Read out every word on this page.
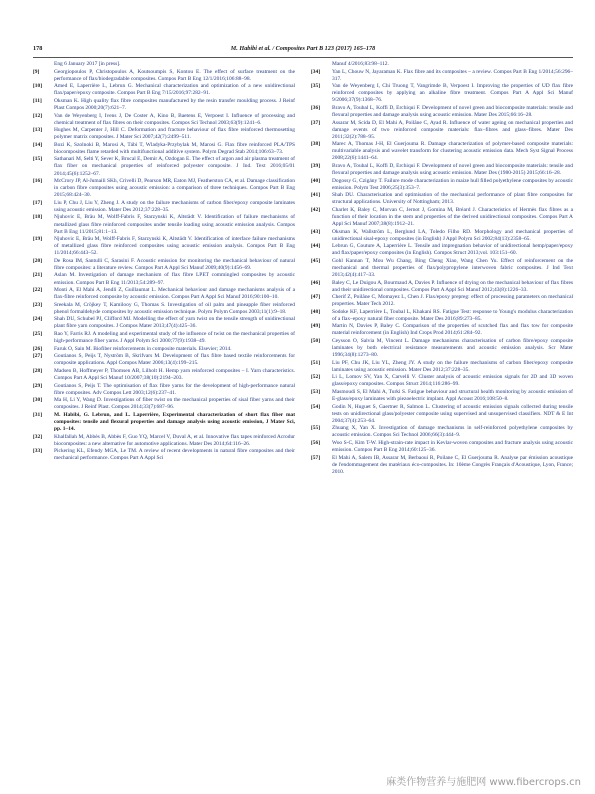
178	M. Habibi et al. / Composites Part B 123 (2017) 165–178
Eng 6 January 2017 [in press].
[9]	Georgiopoulos P, Christopoulos A, Koutsoumpis S, Kontou E. The effect of surface treatment on the performance of flax/biodegradable composites. Compos Part B Eng 12/1/2016;106:88–98.
[10]	Amed E, Laperrière L, Lebrun G. Mechanical characterization and optimization of a new unidirectional flax/paper/epoxy composite. Compos Part B Eng 7/15/2016;97:282–91.
[11]	Oksman K. High quality flax fibre composites manufactured by the resin transfer moulding process. J Reinf Plast Compos 2000;20(7):621–7.
[12]	Van de Weyenberg I, Ivens J, De Coster A, Kino B, Baetens E, Verpoest I. Influence of processing and chemical treatment of flax fibres on their composites. Compos Sci Technol 2003;63(9):1241–6.
[13]	Hughes M, Carpenter J, Hill C. Deformation and fracture behaviour of flax fibre reinforced thermosetting polymer matrix composites. J Mater Sci 2007;42(7):2499–511.
[14]	Bozi K, Szolnoki B, Marosi A, Tábi T, Wladyka-Przybylak M, Marosi G. Flax fibre reinforced PLA/TPS biocomposites flame retarded with multifunctional additive system. Polym Degrad Stab 2014;106:63–73.
[15]	Sathanari M, Selti Y, Sever K, Brucal E, Demir A, Ozdogan E. The effect of argon and air plasma treatment of flax fiber on mechanical properties of reinforced polyester composite. J Ind. Text 2016;05/01 2014;45(6):1252–67.
[16]	McCrory JP, Al-Jumaili SKh, Crivelli D, Pearson MR, Eaton MJ, Featherston CA, et al. Damage classification in carbon fibre composites using acoustic emission: a comparison of three techniques. Compos Part B Eng 2015;68:424–30.
[17]	Liu P, Chu J, Liu Y, Zheng J. A study on the failure mechanisms of carbon fiber/epoxy composite laminates using acoustic emission. Mater Des 2012;37:228–35.
[18]	Njuhovic E, Bräu M, Wolff-Fabris F, Starzynski K, Altstädt V. Identification of failure mechanisms of metallized glass fibre reinforced composites under tensile loading using acoustic emission analysis. Compos Part B Eng 11/2015;81:1–13.
[19]	Njuhovic E, Bräu M, Wolff-Fabris F, Starzynski K, Altstädt V. Identification of interface failure mechanisms of metallized glass fibre reinforced composites using acoustic emission analysis. Compos Part B Eng 11/2014;66:443–52.
[20]	De Rosa IM, Santulli C, Sarasini F. Acoustic emission for monitoring the mechanical behaviour of natural fibre composites: a literature review. Compos Part A Appl Sci Manuf 2009;40(9):1456–69.
[21]	Aslan M. Investigation of damage mechanism of flax fibre LPET commingled composites by acoustic emission. Compos Part B Eng 11/2013;54:289–97.
[22]	Monti A, El Mahi A, Jendli Z, Guillaumat L. Mechanical behaviour and damage mechanisms analysis of a flax-fibre reinforced composite by acoustic emission. Compos Part A Appl Sci Manuf 2016;90:100–10.
[23]	Sreekala M, Cröjkey T, Kamilooy G, Thomas S. Investigation of oil palm and pineapple fiber reinforced phenol formaldehyde composites by acoustic emission technique. Polym Polym Compos 2003;11(1):9–18.
[24]	Shah DU, Schubel PJ, Clifford MJ. Modelling the effect of yarn twist on the tensile strength of unidirectional plant fibre yarn composites. J Compos Mater 2013;47(4):425–36.
[25]	Rao Y, Farris RJ. A modeling and experimental study of the influence of twist on the mechanical properties of high-performance fiber yarns. J Appl Polym Sci 2000;77(9):1938–49.
[26]	Faruk O, Sain M. Biofiber reinforcements in composite materials. Elsevier; 2014.
[27]	Goutianos S, Peijs T, Nyström B, Skrifvars M. Development of flax fibre based textile reinforcements for composite applications. Appl Compos Mater 2006;13(4):199–215.
[28]	Madsen B, Hoffmeyer P, Thomsen AB, Lilholt H. Hemp yarn reinforced composites – I. Yarn characteristics. Compos Part A Appl Sci Manuf 10/2007;38(10):2194–203.
[29]	Goutianos S, Peijs T. The optimisation of flax fibre yarns for the development of high-performance natural fibre composites. Adv Compos Lett 2003;12(6):237–41.
[30]	Ma H, Li Y, Wang D. Investigations of fiber twist on the mechanical properties of sisal fiber yarns and their composites. J Reinf Plast. Compos 2014;33(7):687–96.
[31]	M. Habibi, G. Lebrun, and L. Laperrière, Experimental characterization of short flax fiber mat composites: tensile and flexural properties and damage analysis using acoustic emission, J Mater Sci, pp. 1–14.
[32]	Khalfallah M, Abbès B, Abbès F, Guo YQ, Marcel V, Duval A, et al. Innovative flax tapes reinforced Acrodur biocomposites: a new alternative for automotive applications. Mater Des 2014;64:116–26.
[33]	Pickering KL, Efendy MGA, Le TM. A review of recent developments in natural fibre composites and their mechanical performance. Compos Part A Appl Sci
Manuf 4/2016;83:98–112.
[34]	Yan L, Chouw N, Jayaraman K. Flax fibre and its composites – a review. Compos Part B Eng 1/2014;56:296–317.
[35]	Van de Weyenberg I, Chi Truong T, Vangrimde B, Verpoest I. Improving the properties of UD flax fibre reinforced composites by applying an alkaline fibre treatment. Compos Part A Appl Sci Manuf 9/2006;37(9):1368–76.
[36]	Bravo A, Toubal L, Koffi D, Erchiqui F. Development of novel green and biocomposite materials: tensile and flexural properties and damage analysis using acoustic emission. Mater Des 2015;66:16–28.
[37]	Assarar M, Scida D, El Mahi A, Poilâne C, Ayad R. Influence of water ageing on mechanical properties and damage events of two reinforced composite materials: flax–fibres and glass–fibres. Mater Des 2011;32(2):788–95.
[38]	Marec A, Thomas J-H, El Guerjouma R. Damage characterization of polymer-based composite materials: multivariable analysis and wavelet transform for clustering acoustic emission data. Mech Syst Signal Process 2008;22(6):1441–64.
[39]	Bravo A, Toubal L, Koffi D, Erchiqui F. Development of novel green and biocomposite materials: tensile and flexural properties and damage analysis using acoustic emission. Mater Des (1980-2015) 2015;66:16–28.
[40]	Dogossy G, Czigány T. Failure mode characterization in maize hull filled polyethylene composites by acoustic emission. Polym Test 2006;25(3):353–7.
[41]	Shah DU. Characterisation and optimisation of the mechanical performance of plant fibre composites for structural applications. University of Nottingham; 2013.
[42]	Charlet K, Baley C, Morvan C, Jernot J, Gomina M, Bréard J. Characteristics of Hermès flax fibres as a function of their location in the stem and properties of the derived unidirectional composites. Compos Part A Appl Sci Manuf 2007;38(8):1912–21.
[43]	Oksman K, Wallström L, Berglund LA, Toledo Filho RD. Morphology and mechanical properties of unidirectional sisal-epoxy composites (in English) J Appl Polym Sci 2002;84(13):2358–65.
[44]	Lebrun G, Couture A, Laperrière L. Tensile and impregnation behavior of unidirectional hemp/paper/epoxy and flax/paper/epoxy composites (in English). Compos Struct 2013;vol. 103:151–60.
[45]	Gohl Kannan T, Mou Wu Chang, Bing Cheng Xiao, Wang Chen Yu. Effect of reinforcement on the mechanical and thermal properties of flax/polypropylene interwoven fabric composites. J Ind Text 2013;42(4):417–33.
[46]	Baley C, Le Duigou A, Bourmaud A, Davies P. Influence of drying on the mechanical behaviour of flax fibres and their unidirectional composites. Compos Part A Appl Sci Manuf 2012;43(8):1226–33.
[47]	Cherif Z, Poilâne C, Momayez L, Chen J. Flax/epoxy prepreg: effect of processing parameters on mechanical properties. Mater Tech 2012.
[48]	Sodoke KF, Laperrière L, Toubal L, Khakani RS. Fatigue Test: response to Young's modulus characterization of a flax–epoxy natural fiber composite. Mater Des 2016;89:273–85.
[49]	Martin N, Davies P, Baley C. Comparison of the properties of scutched flax and flax tow for composite material reinforcement (in English) Ind Crops Prod 2014;61:284–92.
[50]	Ceysson O, Salvia M, Vincent L. Damage mechanisms characterisation of carbon fibre/epoxy composite laminates by both electrical resistance measurements and acoustic emission analysis. Scr Mater 1996;34(8):1273–80.
[51]	Liu PF, Chu JK, Liu YL, Zheng JY. A study on the failure mechanisms of carbon fiber/epoxy composite laminates using acoustic emission. Mater Des 2012;37:228–35.
[52]	Li L, Lomov SV, Yan X, Carvelli V. Cluster analysis of acoustic emission signals for 2D and 3D woven glass/epoxy composites. Compos Struct 2014;116:286–99.
[53]	Masmoudi S, El Mahi A, Turki S. Fatigue behaviour and structural health monitoring by acoustic emission of E-glass/epoxy laminates with piezoelectric implant. Appl Acoust 2016;108:50–8.
[54]	Godin N, Huguet S, Gaertner R, Salmon L. Clustering of acoustic emission signals collected during tensile tests on unidirectional glass/polyester composite using supervised and unsupervised classifiers. NDT & E Int 2004;37(4):253–64.
[55]	Zhuang X, Yan X. Investigation of damage mechanisms in self-reinforced polyethylene composites by acoustic emission. Compos Sci Technol 2006;66(3):444–9.
[56]	Woo S-C, Kim T-W. High-strain-rate impact in Kevlar-woven composites and fracture analysis using acoustic emission. Compos Part B Eng 2014;60:125–36.
[57]	El Mahi A, Salem IB, Assarar M, Berbaoui R, Poilane C, El Guerjouma R. Analyse par émission acoustique de l'endommagement des matériaux éco-composites. In: 10ème Congrès Français d'Acoustique, Lyon, France; 2010.
麻类作物营养与施肥网 www.fibercrops.cn
